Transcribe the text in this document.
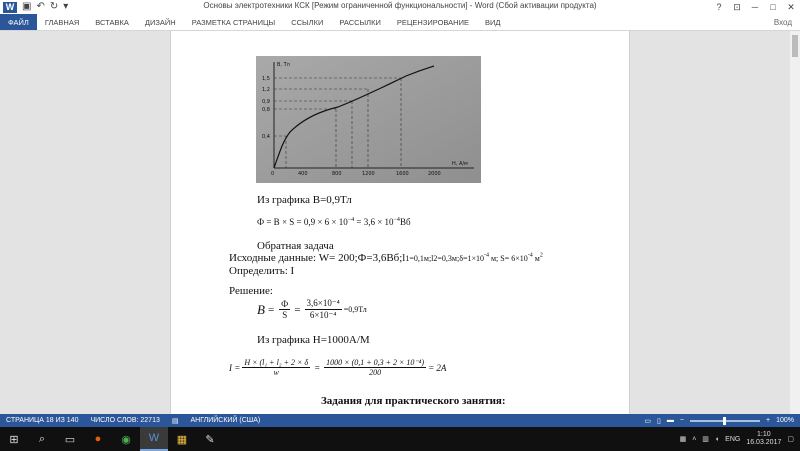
W ▣ ↶ ↻ ▾	Основы электротехники КСК [Режим ограниченной функциональности] - Word (Сбой активации продукта)	?	⊡	─	□	✕
ФАЙЛ	ГЛАВНАЯ	ВСТАВКА	ДИЗАЙН	РАЗМЕТКА СТРАНИЦЫ	ССЫЛКИ	РАССЫЛКИ	РЕЦЕНЗИРОВАНИЕ	ВИД	Вход
1,5
1,2
0,9
0,8
0,4
0	400	800	1200	1600	2000
Н, А/м
В, Тл
Из графика В=0,9Тл
$Ф = B \times S = 0,9 \times 6 \times 10^{-4} = 3,6 \times 10^{-4}Вб$
Обратная задача
Исходные данные: $W= 200;Ф=3,6Вб;l1=0,1м;l2=0,3м;\delta=1\times 10^{-4}$ м; $S= 6\times 10^{-4}$ $м^2$
Определить: I
Решение:
$B = \frac{Ф}{S} = \frac{\text{3,6×10⁻⁴}}{\text{6×10⁻⁴}} =0,9Тл$
Из графика Н=1000А/М
$I = \frac{\text{H × (l₁ + l₂ + 2 × δ}}{w} = \frac{\text{1000 × (0,1 + 0,3 + 2 × 10⁻⁴)}}{200} = 2A$
Задания для практического занятия:
СТРАНИЦА 18 ИЗ 140	ЧИСЛО СЛОВ: 22713	▤	АНГЛИЙСКИЙ (США)	▭ ▯ ▬ −	+ 100%
⊞	⌕	▭	●	◉	W	▦	✎	▦ ˄ ▥ ◖ ENG
1:10
16.03.2017 ▢
